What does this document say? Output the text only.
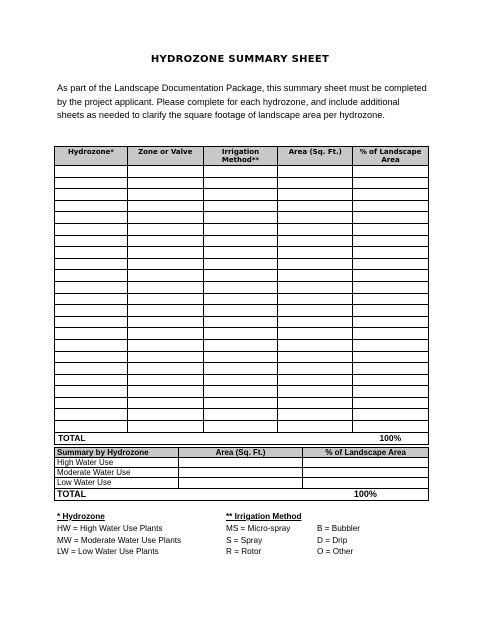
HYDROZONE SUMMARY SHEET
As part of the Landscape Documentation Package, this summary sheet must be completed by the project applicant. Please complete for each hydrozone, and include additional sheets as needed to clarify the square footage of landscape area per hydrozone.
Hydrozone*	Zone or Valve	Irrigation Method**	Area (Sq. Ft.)	% of Landscape Area

TOTAL				100%
Summary by Hydrozone	Area (Sq. Ft.)	% of Landscape Area
High Water Use		
Moderate Water Use		
Low Water Use		
TOTAL		100%
* Hydrozone
HW = High Water Use Plants
MW = Moderate Water Use Plants
LW = Low Water Use Plants
** Irrigation Method
MS = Micro-spray	B = Bubbler
S = Spray	D = Drip
R = Rotor	O = Other
